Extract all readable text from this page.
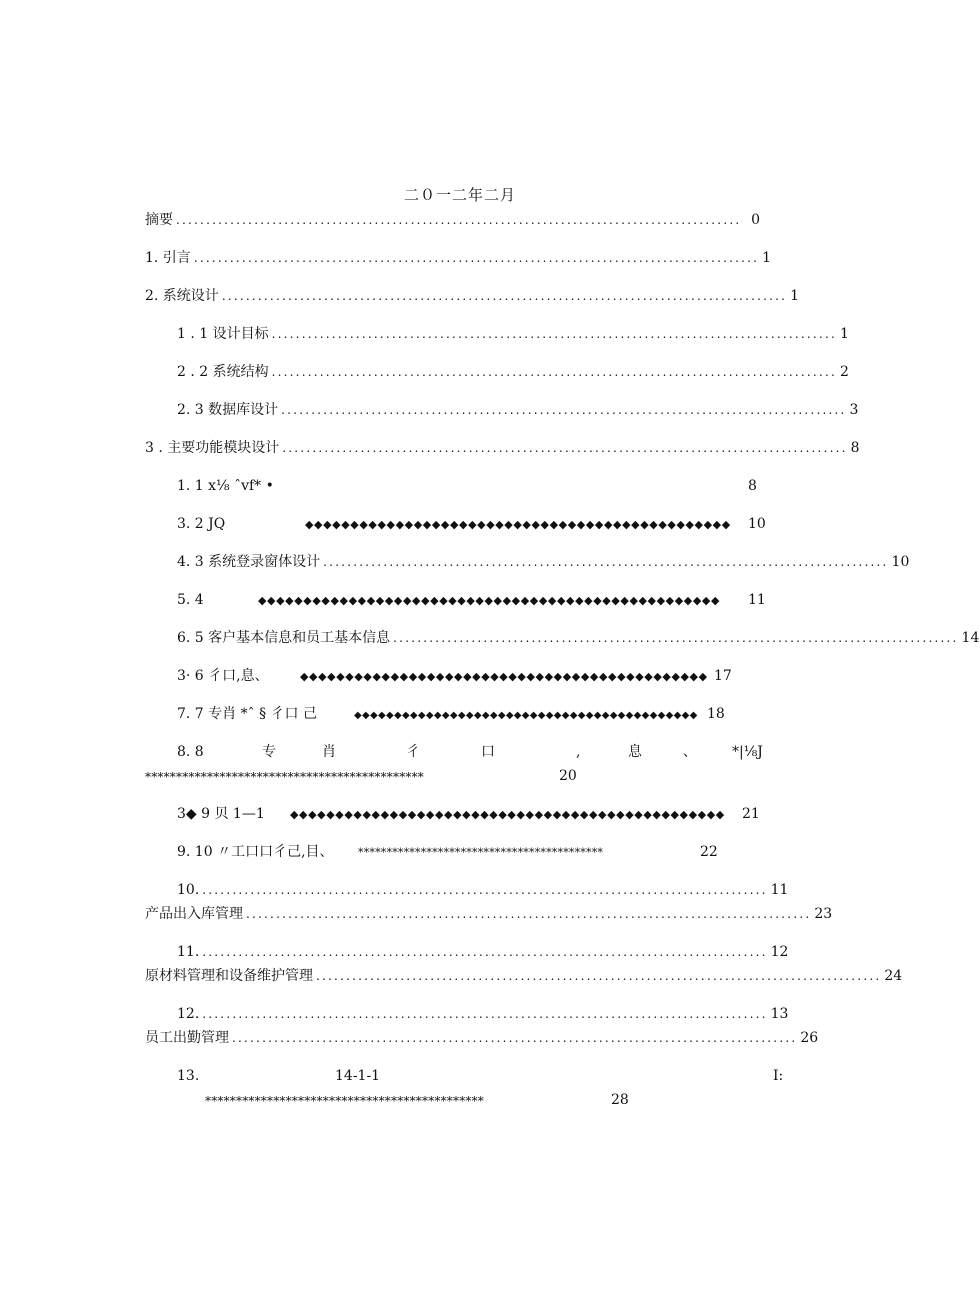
二０一二年二月
摘要 .............................................................................................. 0
1. 引言 .............................................................................................. 1
2. 系统设计 .............................................................................................. 1
1 . 1 设计目标 .............................................................................................. 1
2 . 2 系统结构 .............................................................................................. 2
2. 3 数据库设计 .............................................................................................. 3
3 . 主要功能模块设计 .............................................................................................. 8
1. 1 x⅛ ˆvf* •	8
3. 2 JQ	◆◆◆◆◆◆◆◆◆◆◆◆◆◆◆◆◆◆◆◆◆◆◆◆◆◆◆◆◆◆◆◆◆◆◆◆◆◆◆◆◆◆◆◆◆◆◆ 10
4. 3 系统登录窗体设计 .............................................................................................. 10
5. 4	◆◆◆◆◆◆◆◆◆◆◆◆◆◆◆◆◆◆◆◆◆◆◆◆◆◆◆◆◆◆◆◆◆◆◆◆◆◆◆◆◆◆◆◆◆◆◆◆◆◆◆ 11
6. 5 客户基本信息和员工基本信息 .............................................................................................. 14
3· 6 彳口,息、	◆◆◆◆◆◆◆◆◆◆◆◆◆◆◆◆◆◆◆◆◆◆◆◆◆◆◆◆◆◆◆◆◆◆◆◆◆◆◆◆◆◆◆◆◆ 17
7. 7 专肖 *ˆ § 彳口 己	◆◆◆◆◆◆◆◆◆◆◆◆◆◆◆◆◆◆◆◆◆◆◆◆◆◆◆◆◆◆◆◆◆◆◆◆◆◆◆◆◆◆◆ 18
8. 8	专	肖	彳	口	,	息	、	*|⅛J
*********************************************	20
3◆ 9 贝 1—1 ◆◆◆◆◆◆◆◆◆◆◆◆◆◆◆◆◆◆◆◆◆◆◆◆◆◆◆◆◆◆◆◆◆◆◆◆◆◆◆◆◆◆◆◆◆◆◆◆ 21
9. 10 〃工口口彳己,目、 *******************************************	22
10. .............................................................................................. 11
产品出入库管理 .............................................................................................. 23
11. .............................................................................................. 12
原材料管理和设备维护管理 .............................................................................................. 24
12. .............................................................................................. 13
员工出勤管理 .............................................................................................. 26
13.	14-1-1	I:
*********************************************	28
